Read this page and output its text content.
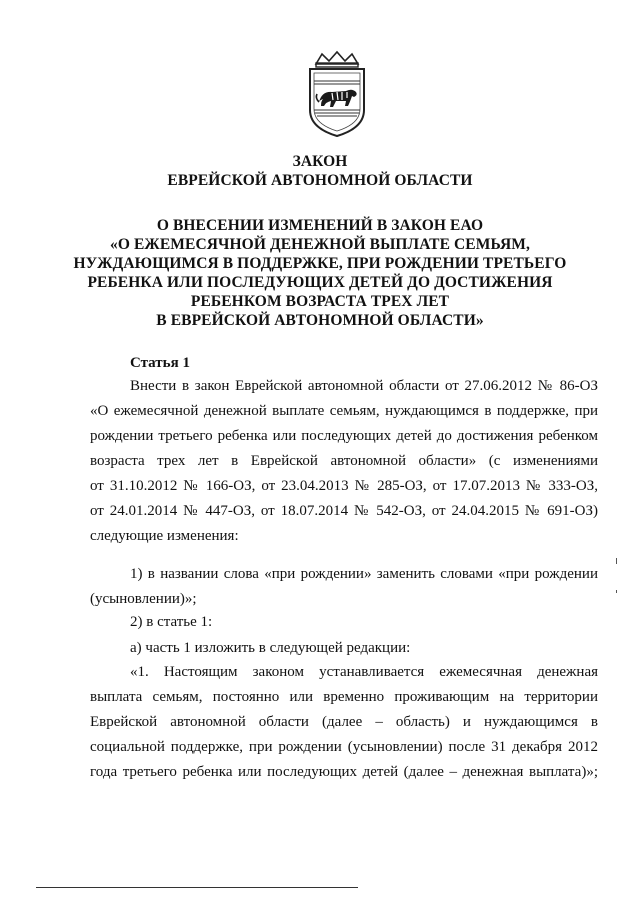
ЗАКОН
ЕВРЕЙСКОЙ АВТОНОМНОЙ ОБЛАСТИ
О ВНЕСЕНИИ ИЗМЕНЕНИЙ В ЗАКОН ЕАО
«О ЕЖЕМЕСЯЧНОЙ ДЕНЕЖНОЙ ВЫПЛАТЕ СЕМЬЯМ,
НУЖДАЮЩИМСЯ В ПОДДЕРЖКЕ, ПРИ РОЖДЕНИИ ТРЕТЬЕГО
РЕБЕНКА ИЛИ ПОСЛЕДУЮЩИХ ДЕТЕЙ ДО ДОСТИЖЕНИЯ
РЕБЕНКОМ ВОЗРАСТА ТРЕХ ЛЕТ
В ЕВРЕЙСКОЙ АВТОНОМНОЙ ОБЛАСТИ»
Статья 1
Внести в закон Еврейской автономной области от 27.06.2012 № 86-ОЗ
«О ежемесячной денежной выплате семьям, нуждающимся в поддержке, при
рождении третьего ребенка или последующих детей до достижения ребенком
возраста трех лет в Еврейской автономной области» (с изменениями
от 31.10.2012 № 166-ОЗ, от 23.04.2013 № 285-ОЗ, от 17.07.2013 № 333-ОЗ,
от 24.01.2014 № 447-ОЗ, от 18.07.2014 № 542-ОЗ, от 24.04.2015 № 691-ОЗ)
следующие изменения:
1) в названии слова «при рождении» заменить словами «при рождении
(усыновлении)»;
2) в статье 1:
а) часть 1 изложить в следующей редакции:
«1. Настоящим законом устанавливается ежемесячная денежная
выплата семьям, постоянно или временно проживающим на территории
Еврейской автономной области (далее – область) и нуждающимся в
социальной поддержке, при рождении (усыновлении) после 31 декабря 2012
года третьего ребенка или последующих детей (далее – денежная выплата)»;
